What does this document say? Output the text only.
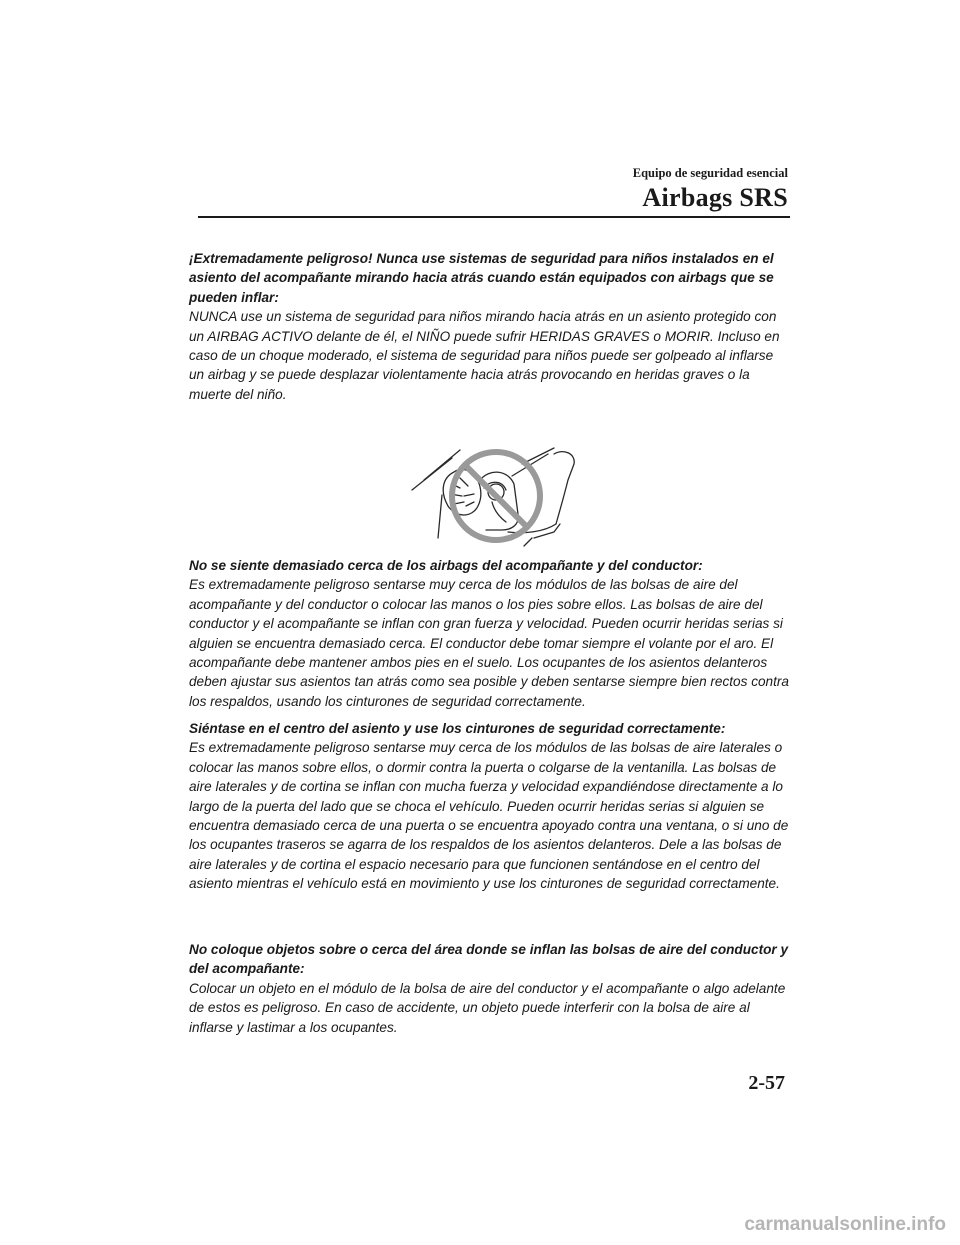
Equipo de seguridad esencial
Airbags SRS

¡Extremadamente peligroso! Nunca use sistemas de seguridad para niños instalados en el asiento del acompañante mirando hacia atrás cuando están equipados con airbags que se pueden inflar:

NUNCA use un sistema de seguridad para niños mirando hacia atrás en un asiento protegido con un AIRBAG ACTIVO delante de él, el NIÑO puede sufrir HERIDAS GRAVES o MORIR. Incluso en caso de un choque moderado, el sistema de seguridad para niños puede ser golpeado al inflarse un airbag y se puede desplazar violentamente hacia atrás provocando en heridas graves o la muerte del niño.

No se siente demasiado cerca de los airbags del acompañante y del conductor:

Es extremadamente peligroso sentarse muy cerca de los módulos de las bolsas de aire del acompañante y del conductor o colocar las manos o los pies sobre ellos. Las bolsas de aire del conductor y el acompañante se inflan con gran fuerza y velocidad. Pueden ocurrir heridas serias si alguien se encuentra demasiado cerca. El conductor debe tomar siempre el volante por el aro. El acompañante debe mantener ambos pies en el suelo. Los ocupantes de los asientos delanteros deben ajustar sus asientos tan atrás como sea posible y deben sentarse siempre bien rectos contra los respaldos, usando los cinturones de seguridad correctamente.

Siéntase en el centro del asiento y use los cinturones de seguridad correctamente:

Es extremadamente peligroso sentarse muy cerca de los módulos de las bolsas de aire laterales o colocar las manos sobre ellos, o dormir contra la puerta o colgarse de la ventanilla. Las bolsas de aire laterales y de cortina se inflan con mucha fuerza y velocidad expandiéndose directamente a lo largo de la puerta del lado que se choca el vehículo. Pueden ocurrir heridas serias si alguien se encuentra demasiado cerca de una puerta o se encuentra apoyado contra una ventana, o si uno de los ocupantes traseros se agarra de los respaldos de los asientos delanteros. Dele a las bolsas de aire laterales y de cortina el espacio necesario para que funcionen sentándose en el centro del asiento mientras el vehículo está en movimiento y use los cinturones de seguridad correctamente.

No coloque objetos sobre o cerca del área donde se inflan las bolsas de aire del conductor y del acompañante:

Colocar un objeto en el módulo de la bolsa de aire del conductor y el acompañante o algo adelante de estos es peligroso. En caso de accidente, un objeto puede interferir con la bolsa de aire al inflarse y lastimar a los ocupantes.

2-57
carmanualsonline.info
